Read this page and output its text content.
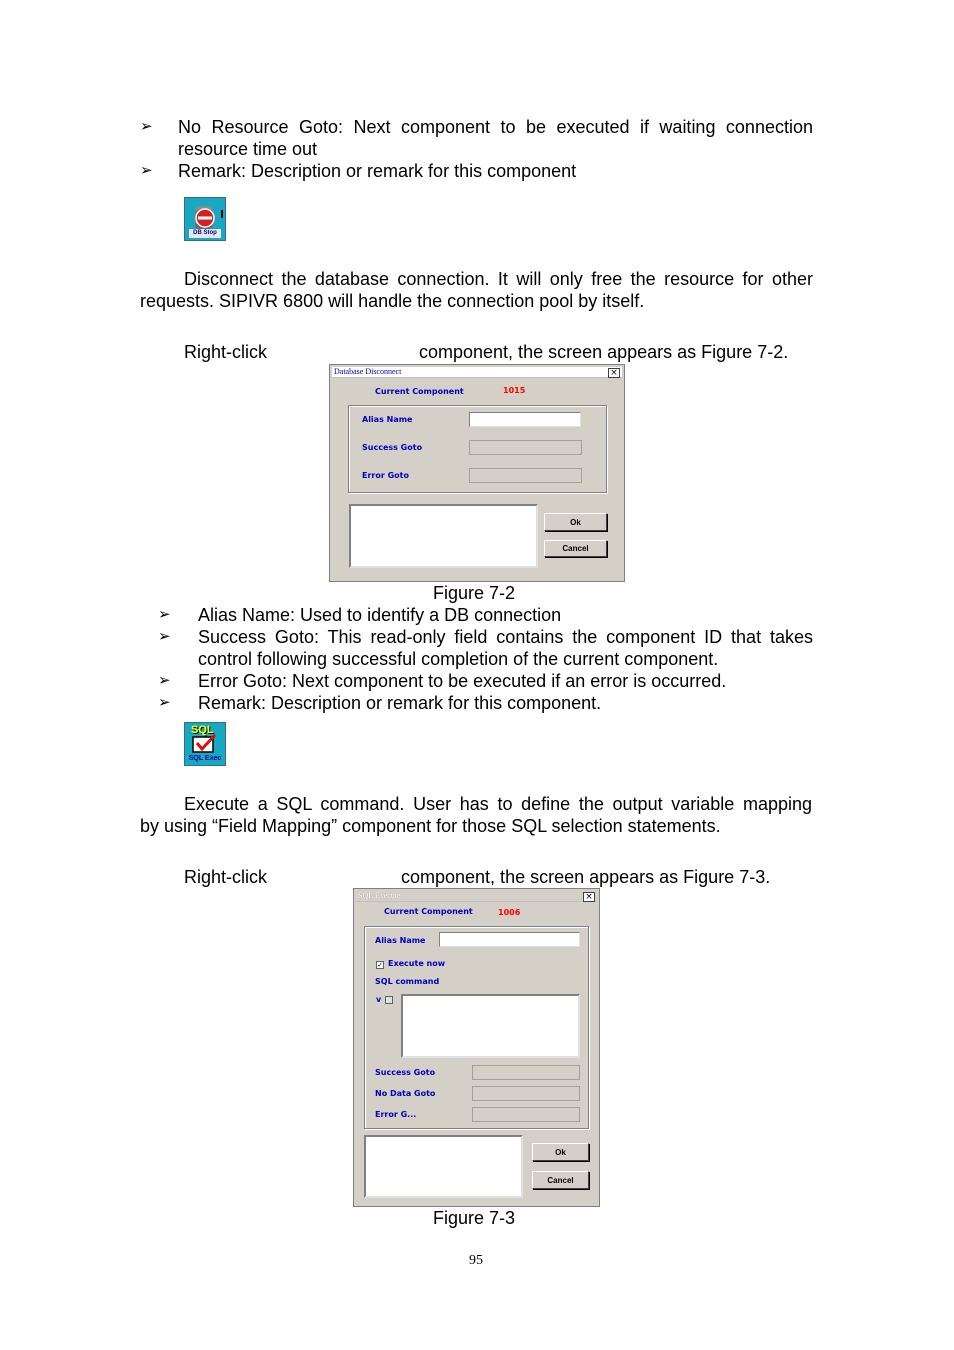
➢ No Resource Goto: Next component to be executed if waiting connection
resource time out
➢ Remark: Description or remark for this component
DB Stop
Disconnect the database connection. It will only free the resource for other
requests. SIPIVR 6800 will handle the connection pool by itself.
Right-click	component, the screen appears as Figure 7-2.
Database Disconnect	×
Current Component	1015
Alias Name
Success Goto
Error Goto
Ok
Cancel
Figure 7-2
➢ Alias Name: Used to identify a DB connection
➢ Success Goto: This read-only field contains the component ID that takes
control following successful completion of the current component.
➢ Error Goto: Next component to be executed if an error is occurred.
➢ Remark: Description or remark for this component.
SQL
SQL Exec
Execute a SQL command. User has to define the output variable mapping
by using “Field Mapping” component for those SQL selection statements.
Right-click	component, the screen appears as Figure 7-3.
SQL Execute	×
Current Component	1006
Alias Name
✓ Execute now
SQL command
v
Success Goto
No Data Goto
Error G...
Ok
Cancel
Figure 7-3
95
